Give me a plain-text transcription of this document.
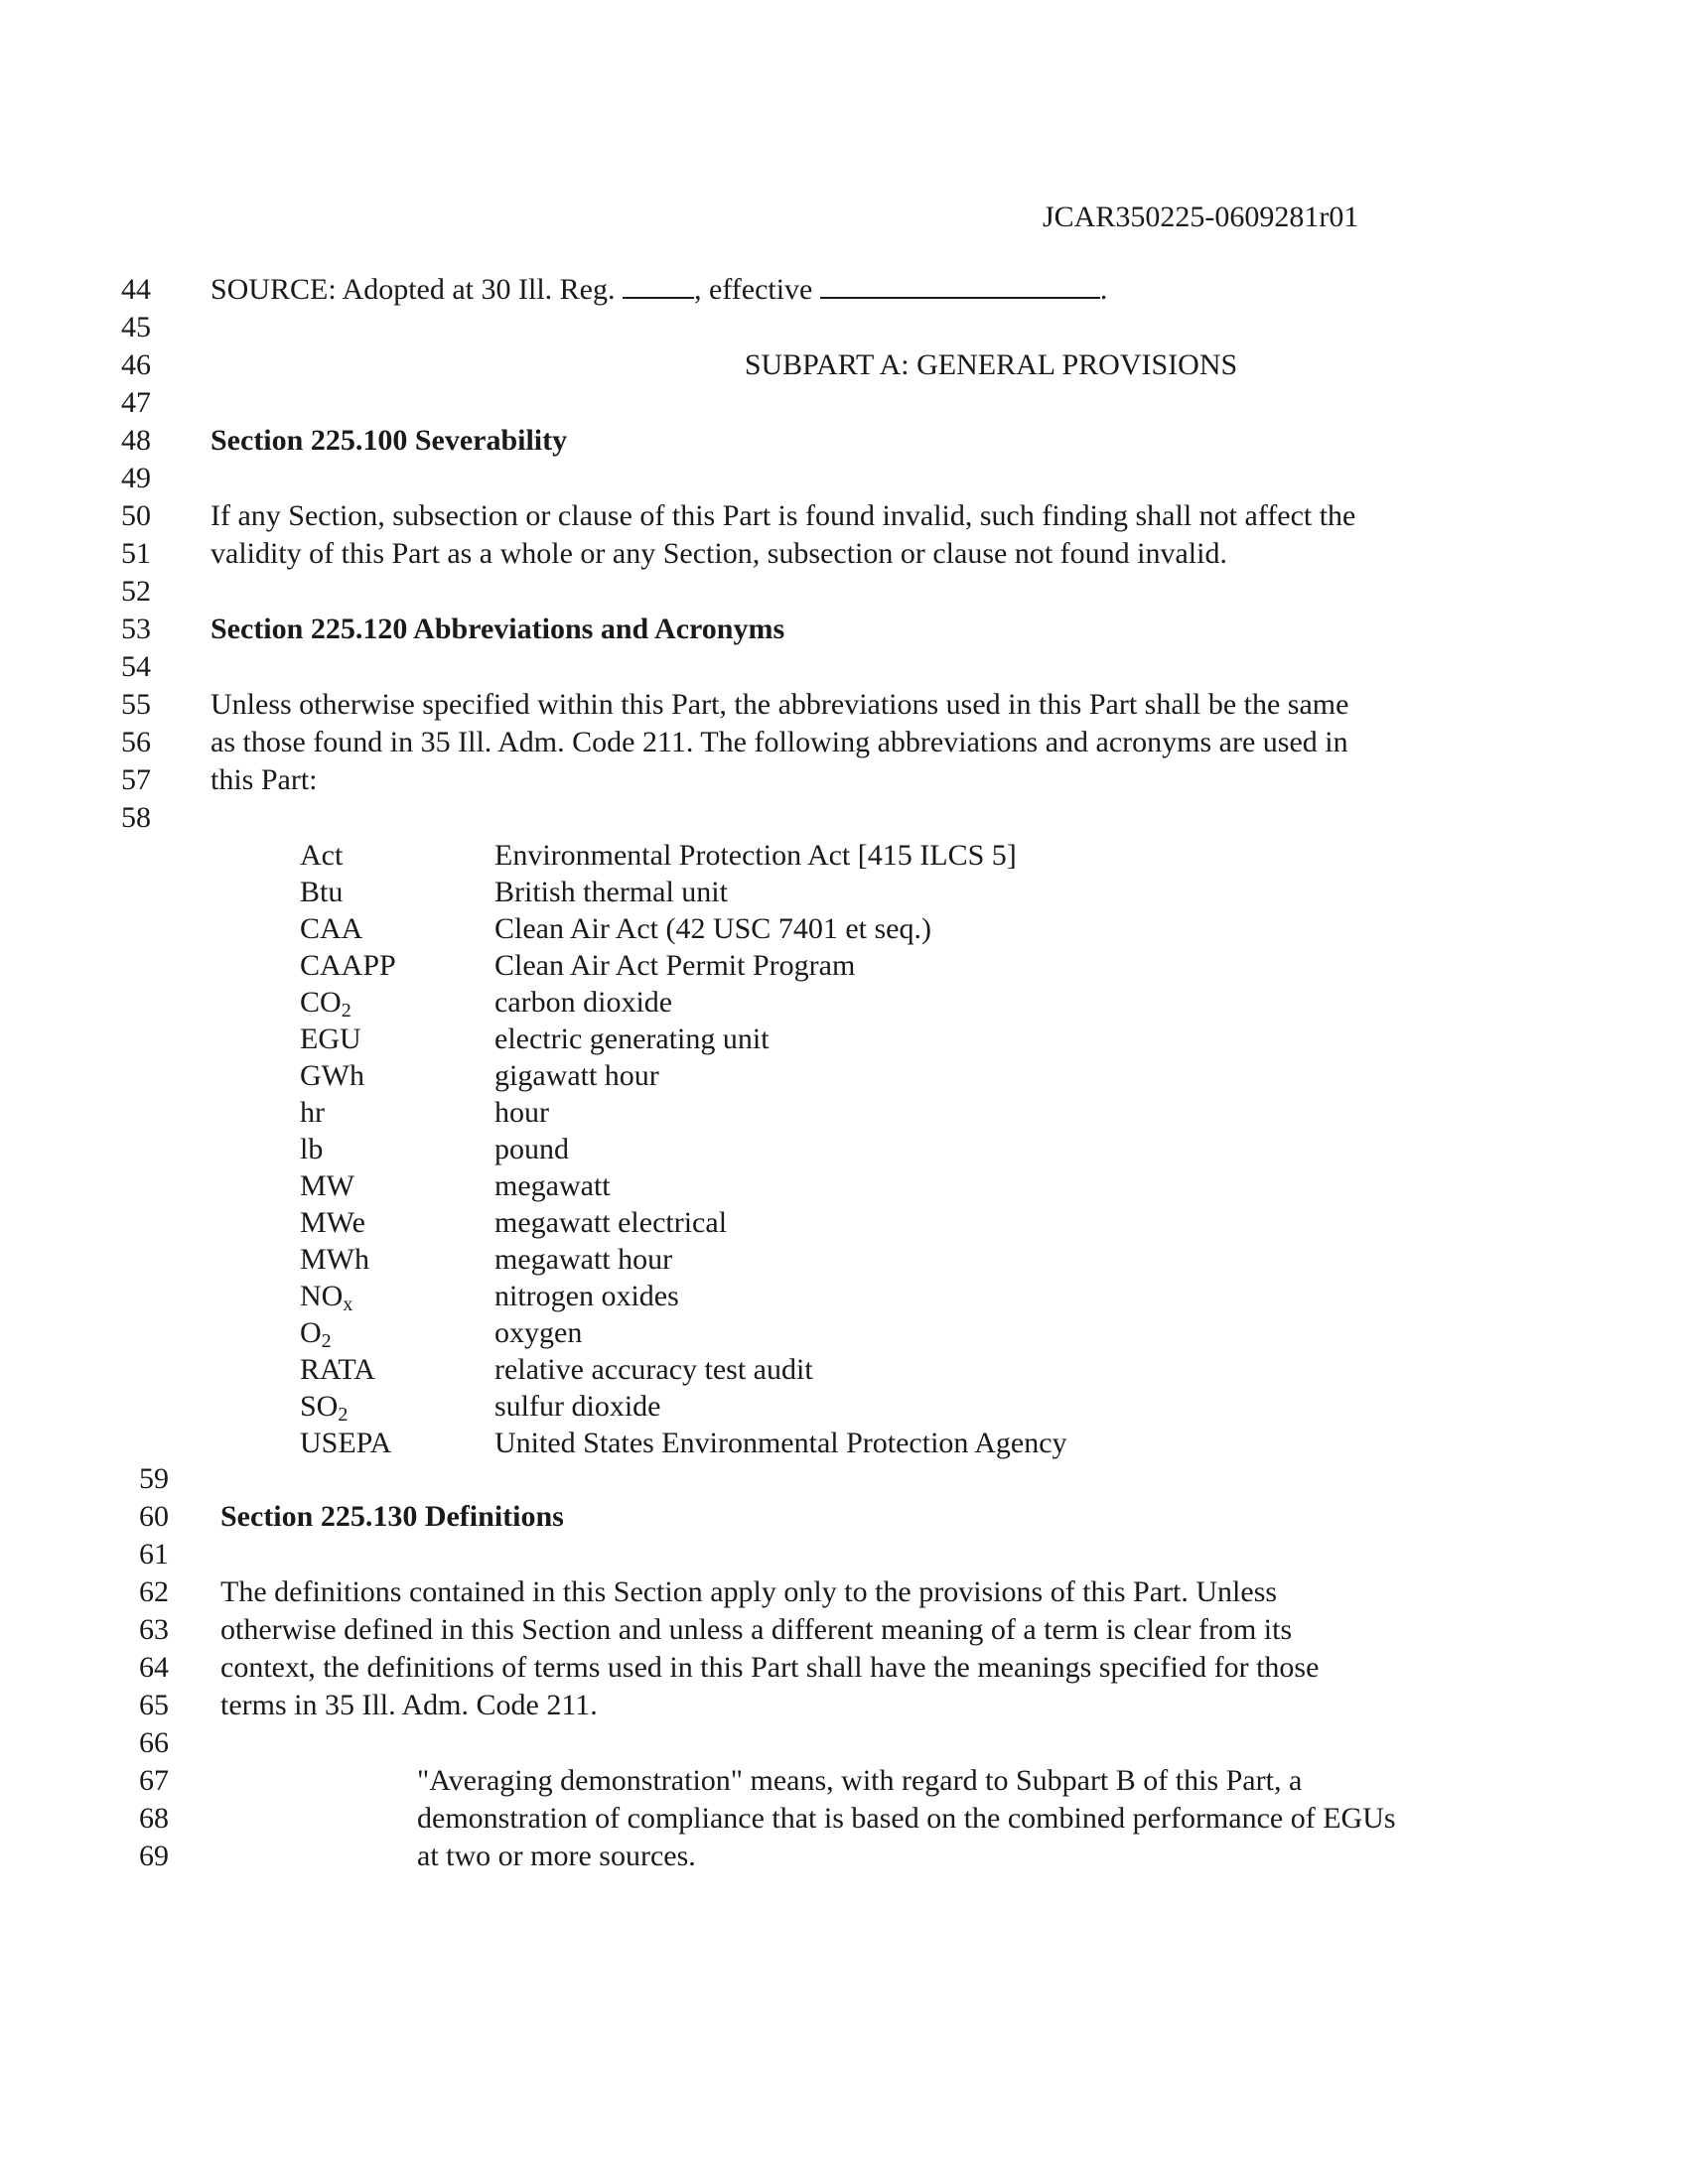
JCAR350225-0609281r01
44
45
46
47
48
49
50
51
52
53
54
55
56
57
58
59
60
61
62
63
64
65
66
67
68
69
SOURCE: Adopted at 30 Ill. Reg.	, effective	.
SUBPART A: GENERAL PROVISIONS
Section 225.100 Severability
If any Section, subsection or clause of this Part is found invalid, such finding shall not affect the
validity of this Part as a whole or any Section, subsection or clause not found invalid.
Section 225.120 Abbreviations and Acronyms
Unless otherwise specified within this Part, the abbreviations used in this Part shall be the same
as those found in 35 Ill. Adm. Code 211. The following abbreviations and acronyms are used in
this Part:
Act	Environmental Protection Act [415 ILCS 5]
Btu	British thermal unit
CAA	Clean Air Act (42 USC 7401 et seq.)
CAAPP	Clean Air Act Permit Program
$CO_2$	carbon dioxide
EGU	electric generating unit
GWh	gigawatt hour
hr	hour
lb	pound
MW	megawatt
MWe	megawatt electrical
MWh	megawatt hour
$NO_x$	nitrogen oxides
$O_2$	oxygen
RATA	relative accuracy test audit
$SO_2$	sulfur dioxide
USEPA	United States Environmental Protection Agency
Section 225.130 Definitions
The definitions contained in this Section apply only to the provisions of this Part. Unless
otherwise defined in this Section and unless a different meaning of a term is clear from its
context, the definitions of terms used in this Part shall have the meanings specified for those
terms in 35 Ill. Adm. Code 211.
"Averaging demonstration" means, with regard to Subpart B of this Part, a
demonstration of compliance that is based on the combined performance of EGUs
at two or more sources.
